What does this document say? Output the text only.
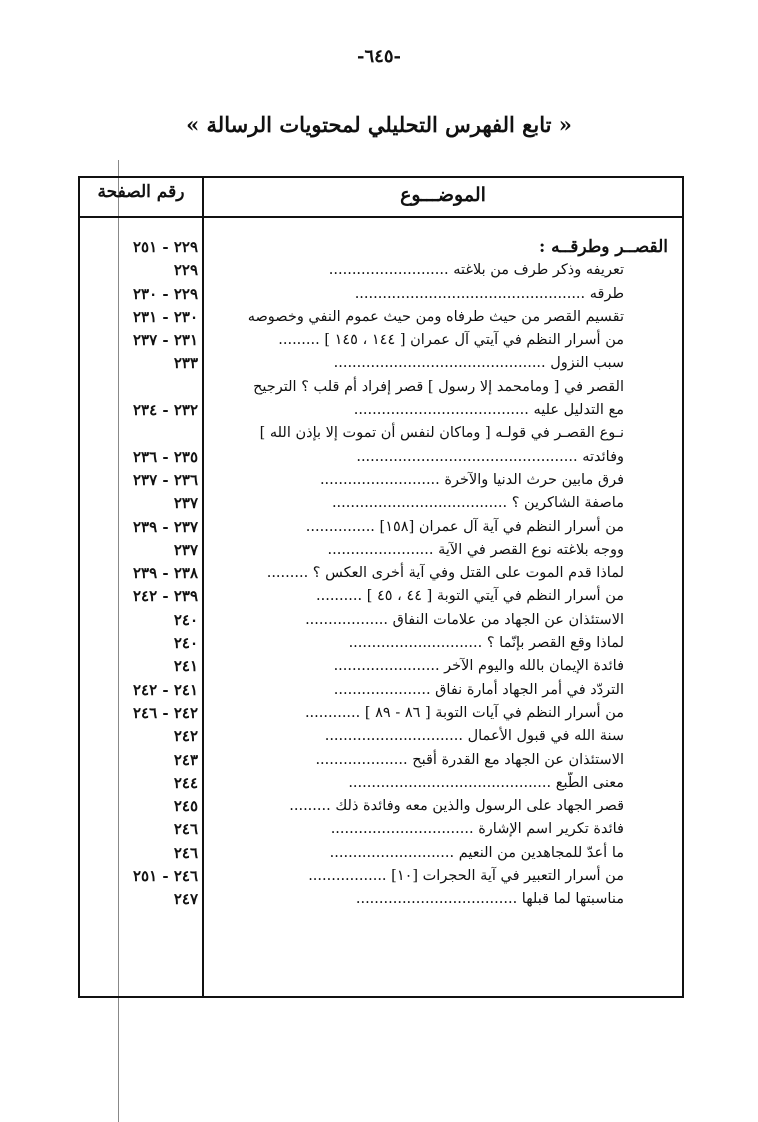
-٦٤٥-
« تابع الفهرس التحليلي لمحتويات الرسالة »
الموضـــوع
رقم الصفحة
القصــر وطرقــه :
٢٢٩ - ٢٥١
تعريفه وذكر طرف من بلاغته ..........................
٢٢٩
طرقه ..................................................
٢٢٩ - ٢٣٠
تقسيم القصر من حيث طرفاه ومن حيث عموم النفي وخصوصه
٢٣٠ - ٢٣١
من أسرار النظم في آيتي آل عمران [ ١٤٤ ، ١٤٥ ] .........
٢٣١ - ٢٣٧
سبب النزول ..............................................
٢٣٣
القصر في [ ومامحمد إلا رسول ] قصر إفراد أم قلب ؟ الترجيح
مع التدليل عليه ......................................
٢٣٢ - ٢٣٤
نـوع القصـر في قولـه [ وماكان لنفس أن تموت إلا بإذن الله ]
وفائدته ................................................
٢٣٥ - ٢٣٦
فرق مابين حرث الدنيا والآخرة ..........................
٢٣٦ - ٢٣٧
ماصفة الشاكرين ؟ ......................................
٢٣٧
من أسرار النظم في آية آل عمران [١٥٨] ...............
٢٣٧ - ٢٣٩
ووجه بلاغته نوع القصر في الآية .......................
٢٣٧
لماذا قدم الموت على القتل وفي آية أخرى العكس ؟ .........
٢٣٨ - ٢٣٩
من أسرار النظم في آيتي التوبة [ ٤٤ ، ٤٥ ] ..........
٢٣٩ - ٢٤٢
الاستئذان عن الجهاد من علامات النفاق ..................
٢٤٠
لماذا وقع القصر بإنّما ؟ .............................
٢٤٠
فائدة الإيمان بالله واليوم الآخر .......................
٢٤١
التردّد في أمر الجهاد أمارة نفاق .....................
٢٤١ - ٢٤٢
من أسرار النظم في آيات التوبة [ ٨٦ - ٨٩ ] ............
٢٤٢ - ٢٤٦
سنة الله في قبول الأعمال ..............................
٢٤٢
الاستئذان عن الجهاد مع القدرة أقبح ....................
٢٤٣
معنى الطّبع ............................................
٢٤٤
قصر الجهاد على الرسول والذين معه وفائدة ذلك .........
٢٤٥
فائدة تكرير اسم الإشارة ...............................
٢٤٦
ما أعدّ للمجاهدين من النعيم ...........................
٢٤٦
من أسرار التعبير في آية الحجرات [١٠] .................
٢٤٦ - ٢٥١
مناسبتها لما قبلها ...................................
٢٤٧
